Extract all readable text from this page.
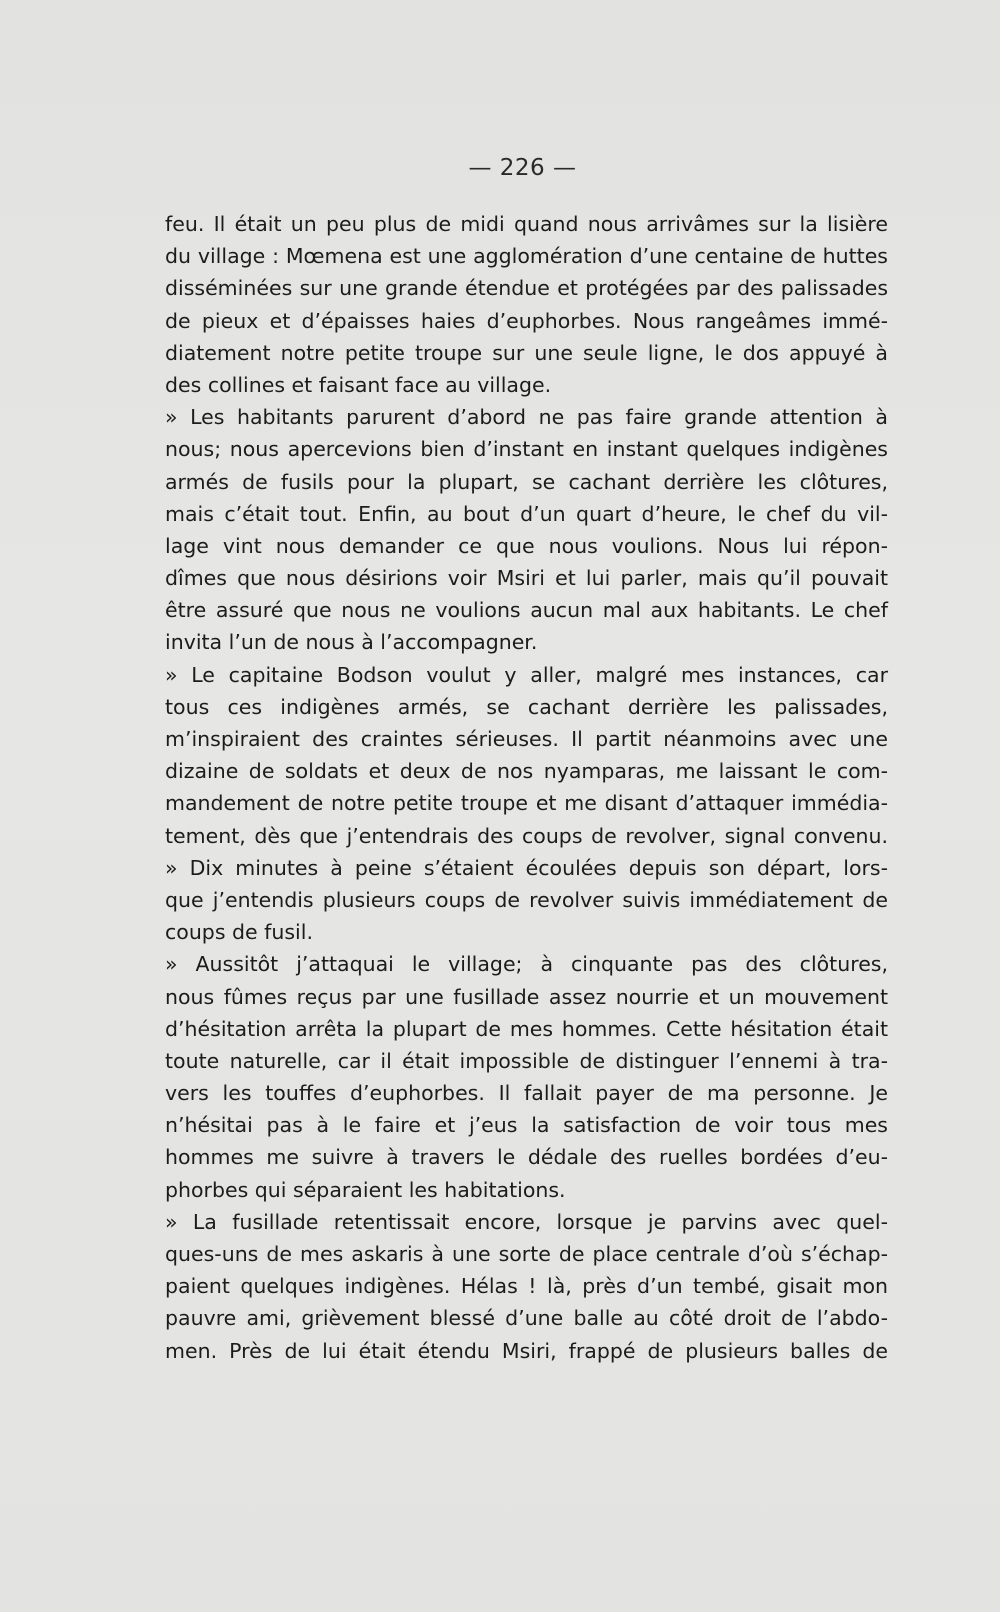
— 226 —
feu. Il était un peu plus de midi quand nous arrivâmes sur la lisière
du village : Mœmena est une agglomération d’une centaine de huttes
disséminées sur une grande étendue et protégées par des palissades
de pieux et d’épaisses haies d’euphorbes. Nous rangeâmes immé-
diatement notre petite troupe sur une seule ligne, le dos appuyé à
des collines et faisant face au village.
» Les habitants parurent d’abord ne pas faire grande attention à
nous; nous apercevions bien d’instant en instant quelques indigènes
armés de fusils pour la plupart, se cachant derrière les clôtures,
mais c’était tout. Enfin, au bout d’un quart d’heure, le chef du vil-
lage vint nous demander ce que nous voulions. Nous lui répon-
dîmes que nous désirions voir Msiri et lui parler, mais qu’il pouvait
être assuré que nous ne voulions aucun mal aux habitants. Le chef
invita l’un de nous à l’accompagner.
» Le capitaine Bodson voulut y aller, malgré mes instances, car
tous ces indigènes armés, se cachant derrière les palissades,
m’inspiraient des craintes sérieuses. Il partit néanmoins avec une
dizaine de soldats et deux de nos nyamparas, me laissant le com-
mandement de notre petite troupe et me disant d’attaquer immédia-
tement, dès que j’entendrais des coups de revolver, signal convenu.
» Dix minutes à peine s’étaient écoulées depuis son départ, lors-
que j’entendis plusieurs coups de revolver suivis immédiatement de
coups de fusil.
» Aussitôt j’attaquai le village; à cinquante pas des clôtures,
nous fûmes reçus par une fusillade assez nourrie et un mouvement
d’hésitation arrêta la plupart de mes hommes. Cette hésitation était
toute naturelle, car il était impossible de distinguer l’ennemi à tra-
vers les touffes d’euphorbes. Il fallait payer de ma personne. Je
n’hésitai pas à le faire et j’eus la satisfaction de voir tous mes
hommes me suivre à travers le dédale des ruelles bordées d’eu-
phorbes qui séparaient les habitations.
» La fusillade retentissait encore, lorsque je parvins avec quel-
ques-uns de mes askaris à une sorte de place centrale d’où s’échap-
paient quelques indigènes. Hélas ! là, près d’un tembé, gisait mon
pauvre ami, grièvement blessé d’une balle au côté droit de l’abdo-
men. Près de lui était étendu Msiri, frappé de plusieurs balles de
